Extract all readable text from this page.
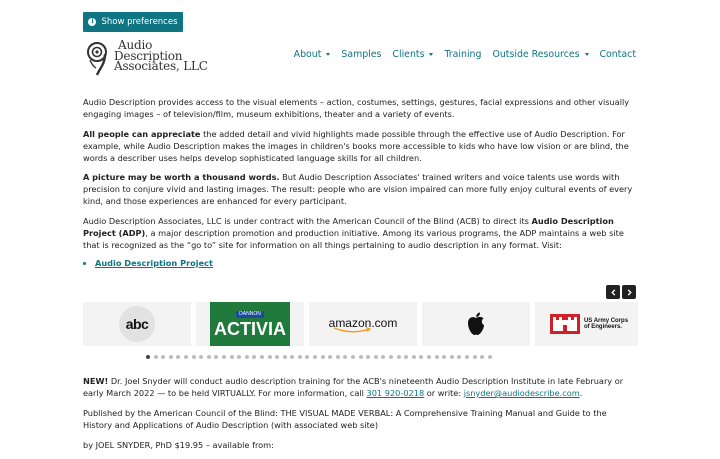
i Show preferences
Audio
Description
Associates, LLC
About Samples Clients Training Outside Resources Contact

Audio Description provides access to the visual elements – action, costumes, settings, gestures, facial expressions and other visually engaging images – of television/film, museum exhibitions, theater and a variety of events.

All people can appreciate the added detail and vivid highlights made possible through the effective use of Audio Description. For example, while Audio Description makes the images in children's books more accessible to kids who have low vision or are blind, the words a describer uses helps develop sophisticated language skills for all children.

A picture may be worth a thousand words. But Audio Description Associates' trained writers and voice talents use words with precision to conjure vivid and lasting images. The result: people who are vision impaired can more fully enjoy cultural events of every kind, and those experiences are enhanced for every participant.

Audio Description Associates, LLC is under contract with the American Council of the Blind (ACB) to direct its Audio Description Project (ADP), a major description promotion and production initiative. Among its various programs, the ADP maintains a web site that is recognized as the “go to” site for information on all things pertaining to audio description in any format. Visit:

• Audio Description Project
abc
DANNON
ACTIVIA	amazon.com	US Army Corps
of Engineers.

NEW! Dr. Joel Snyder will conduct audio description training for the ACB's nineteenth Audio Description Institute in late February or early March 2022 — to be held VIRTUALLY. For more information, call 301 920-0218 or write: jsnyder@audiodescribe.com.

Published by the American Council of the Blind: THE VISUAL MADE VERBAL: A Comprehensive Training Manual and Guide to the History and Applications of Audio Description (with associated web site)

by JOEL SNYDER, PhD $19.95 – available from:
